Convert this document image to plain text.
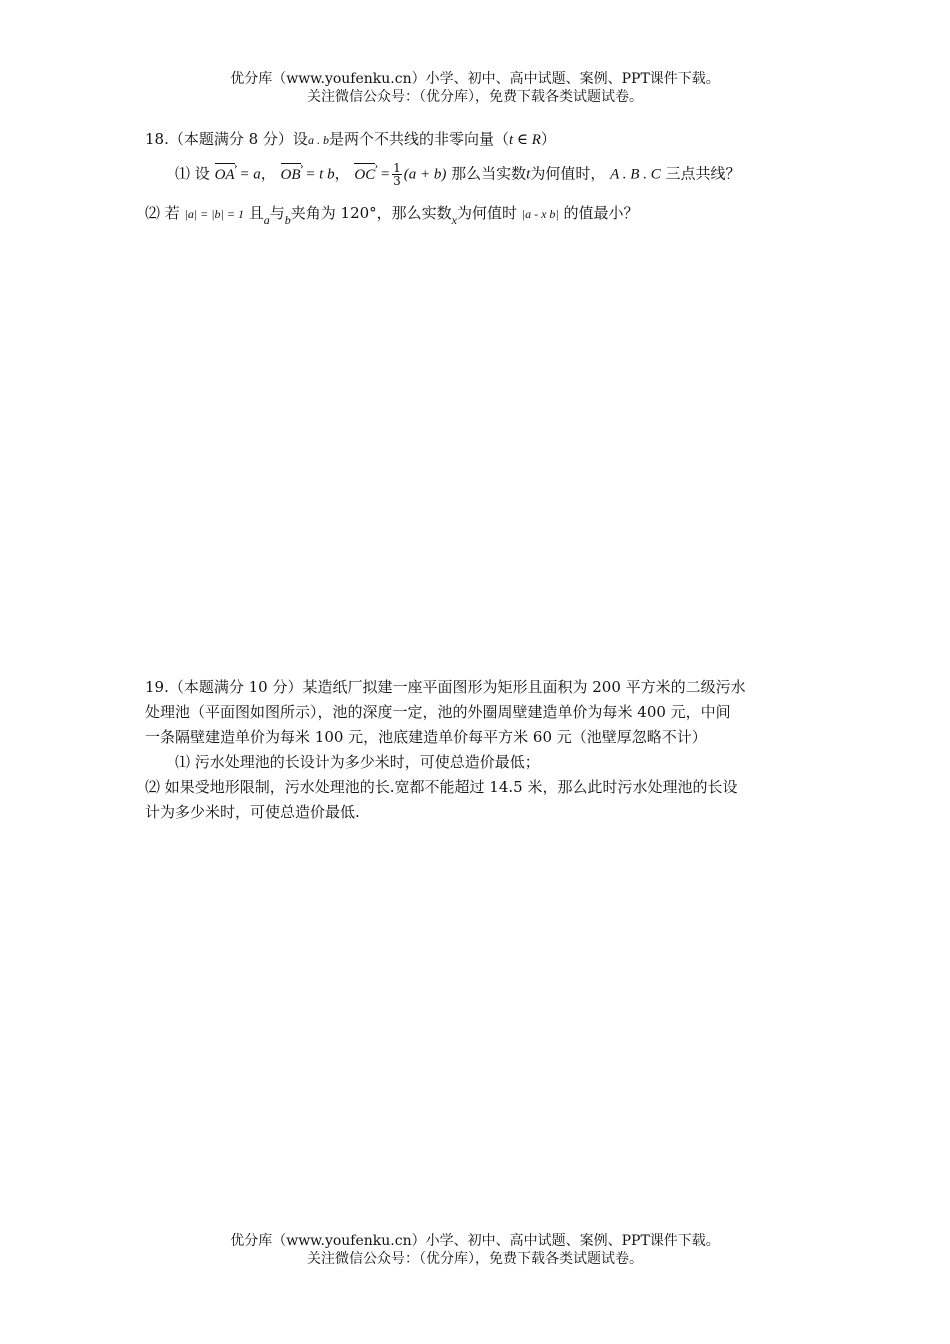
优分库（www.youfenku.cn）小学、初中、高中试题、案例、PPT课件下载。
关注微信公众号：（优分库），免费下载各类试题试卷。
18.（本题满分 8 分）设a . b是两个不共线的非零向量（t ∈ R）
⑴ 设 OA › = a， OB › = t b， OC › = $\frac{1}{3} (a + b)$ 那么当实数t为何值时， A . B . C 三点共线？
⑵ 若 |a| = |b| = 1 且$_a$与$_b$夹角为 120°，那么实数$_x$为何值时 |a - x b| 的值最小？
19.（本题满分 10 分）某造纸厂拟建一座平面图形为矩形且面积为 200 平方米的二级污水
处理池（平面图如图所示），池的深度一定，池的外圈周壁建造单价为每米 400 元，中间
一条隔壁建造单价为每米 100 元，池底建造单价每平方米 60 元（池壁厚忽略不计）
⑴ 污水处理池的长设计为多少米时，可使总造价最低；
⑵ 如果受地形限制，污水处理池的长.宽都不能超过 14.5 米，那么此时污水处理池的长设
计为多少米时，可使总造价最低.
优分库（www.youfenku.cn）小学、初中、高中试题、案例、PPT课件下载。
关注微信公众号：（优分库），免费下载各类试题试卷。
